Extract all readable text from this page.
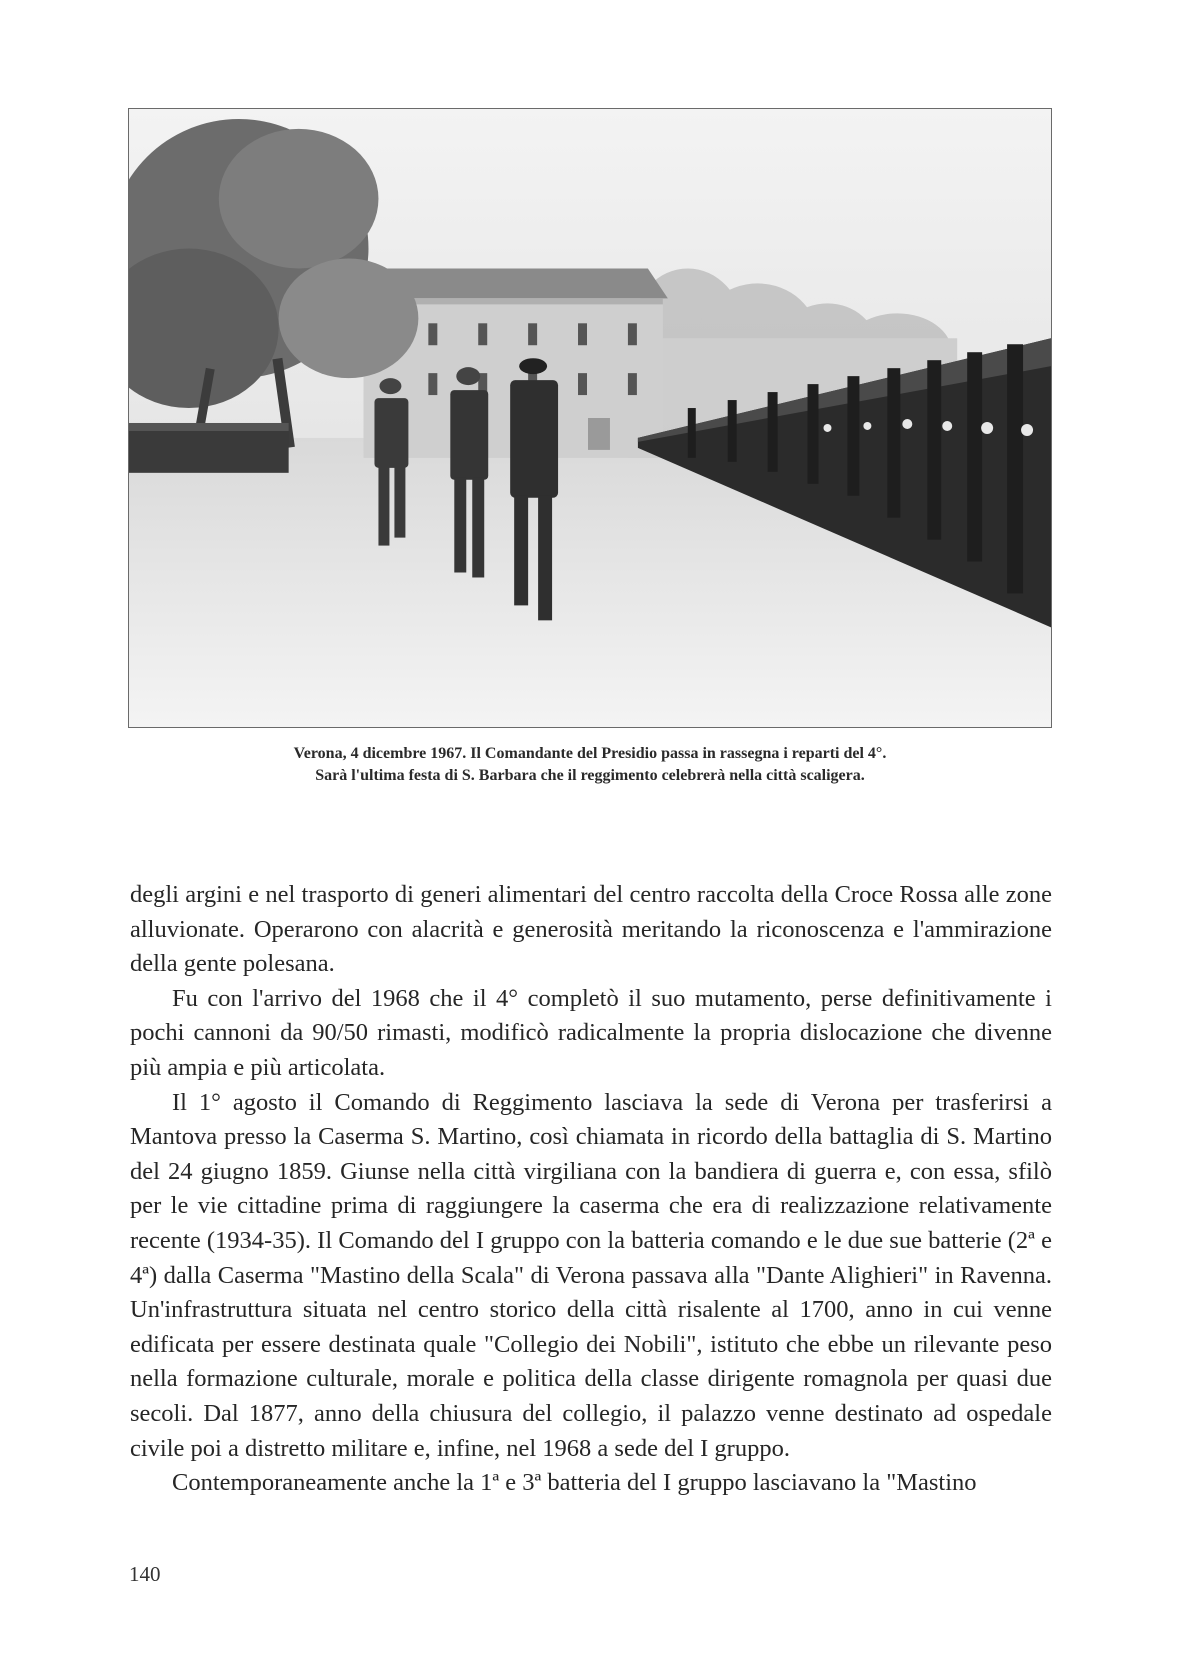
Verona, 4 dicembre 1967. Il Comandante del Presidio passa in rassegna i reparti del 4°.
Sarà l'ultima festa di S. Barbara che il reggimento celebrerà nella città scaligera.

degli argini e nel trasporto di generi alimentari del centro raccolta della Croce Rossa alle zone alluvionate. Operarono con alacrità e generosità meritando la riconoscenza e l'ammirazione della gente polesana.

Fu con l'arrivo del 1968 che il 4° completò il suo mutamento, perse definitivamente i pochi cannoni da 90/50 rimasti, modificò radicalmente la propria dislocazione che divenne più ampia e più articolata.

Il 1° agosto il Comando di Reggimento lasciava la sede di Verona per trasferirsi a Mantova presso la Caserma S. Martino, così chiamata in ricordo della battaglia di S. Martino del 24 giugno 1859. Giunse nella città virgiliana con la bandiera di guerra e, con essa, sfilò per le vie cittadine prima di raggiungere la caserma che era di realizzazione relativamente recente (1934-35). Il Comando del I gruppo con la batteria comando e le due sue batterie (2ª e 4ª) dalla Caserma "Mastino della Scala" di Verona passava alla "Dante Alighieri" in Ravenna. Un'infrastruttura situata nel centro storico della città risalente al 1700, anno in cui venne edificata per essere destinata quale "Collegio dei Nobili", istituto che ebbe un rilevante peso nella formazione culturale, morale e politica della classe dirigente romagnola per quasi due secoli. Dal 1877, anno della chiusura del collegio, il palazzo venne destinato ad ospedale civile poi a distretto militare e, infine, nel 1968 a sede del I gruppo.

Contemporaneamente anche la 1ª e 3ª batteria del I gruppo lasciavano la "Mastino

140
